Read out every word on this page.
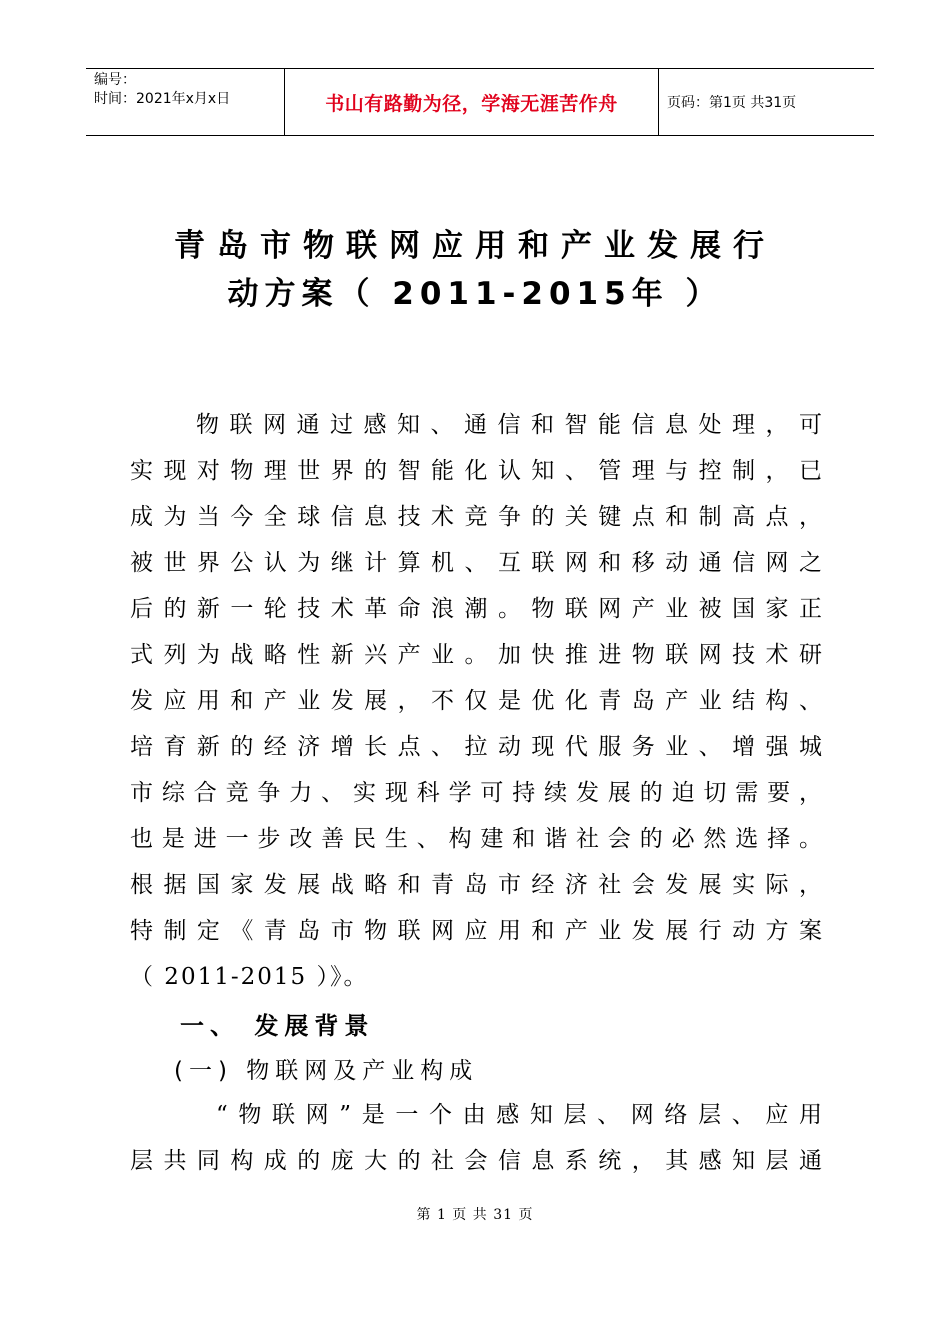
编号：
时间：2021年x月x日	书山有路勤为径，学海无涯苦作舟	页码：第1页 共31页
青岛市物联网应用和产业发展行
动方案（ 2011-2015年 ）
物联网通过感知、通信和智能信息处理，可
实现对物理世界的智能化认知、管理与控制，已
成为当今全球信息技术竞争的关键点和制高点，
被世界公认为继计算机、互联网和移动通信网之
后的新一轮技术革命浪潮。物联网产业被国家正
式列为战略性新兴产业。加快推进物联网技术研
发应用和产业发展，不仅是优化青岛产业结构、
培育新的经济增长点、拉动现代服务业、增强城
市综合竞争力、实现科学可持续发展的迫切需要，
也是进一步改善民生、构建和谐社会的必然选择。
根据国家发展战略和青岛市经济社会发展实际，
特制定《青岛市物联网应用和产业发展行动方案
（ 2011-2015 ）》。
一、 发展背景
(一) 物联网及产业构成
“物联网”是一个由感知层、网络层、应用
层共同构成的庞大的社会信息系统，其感知层通
第 1 页 共 31 页
